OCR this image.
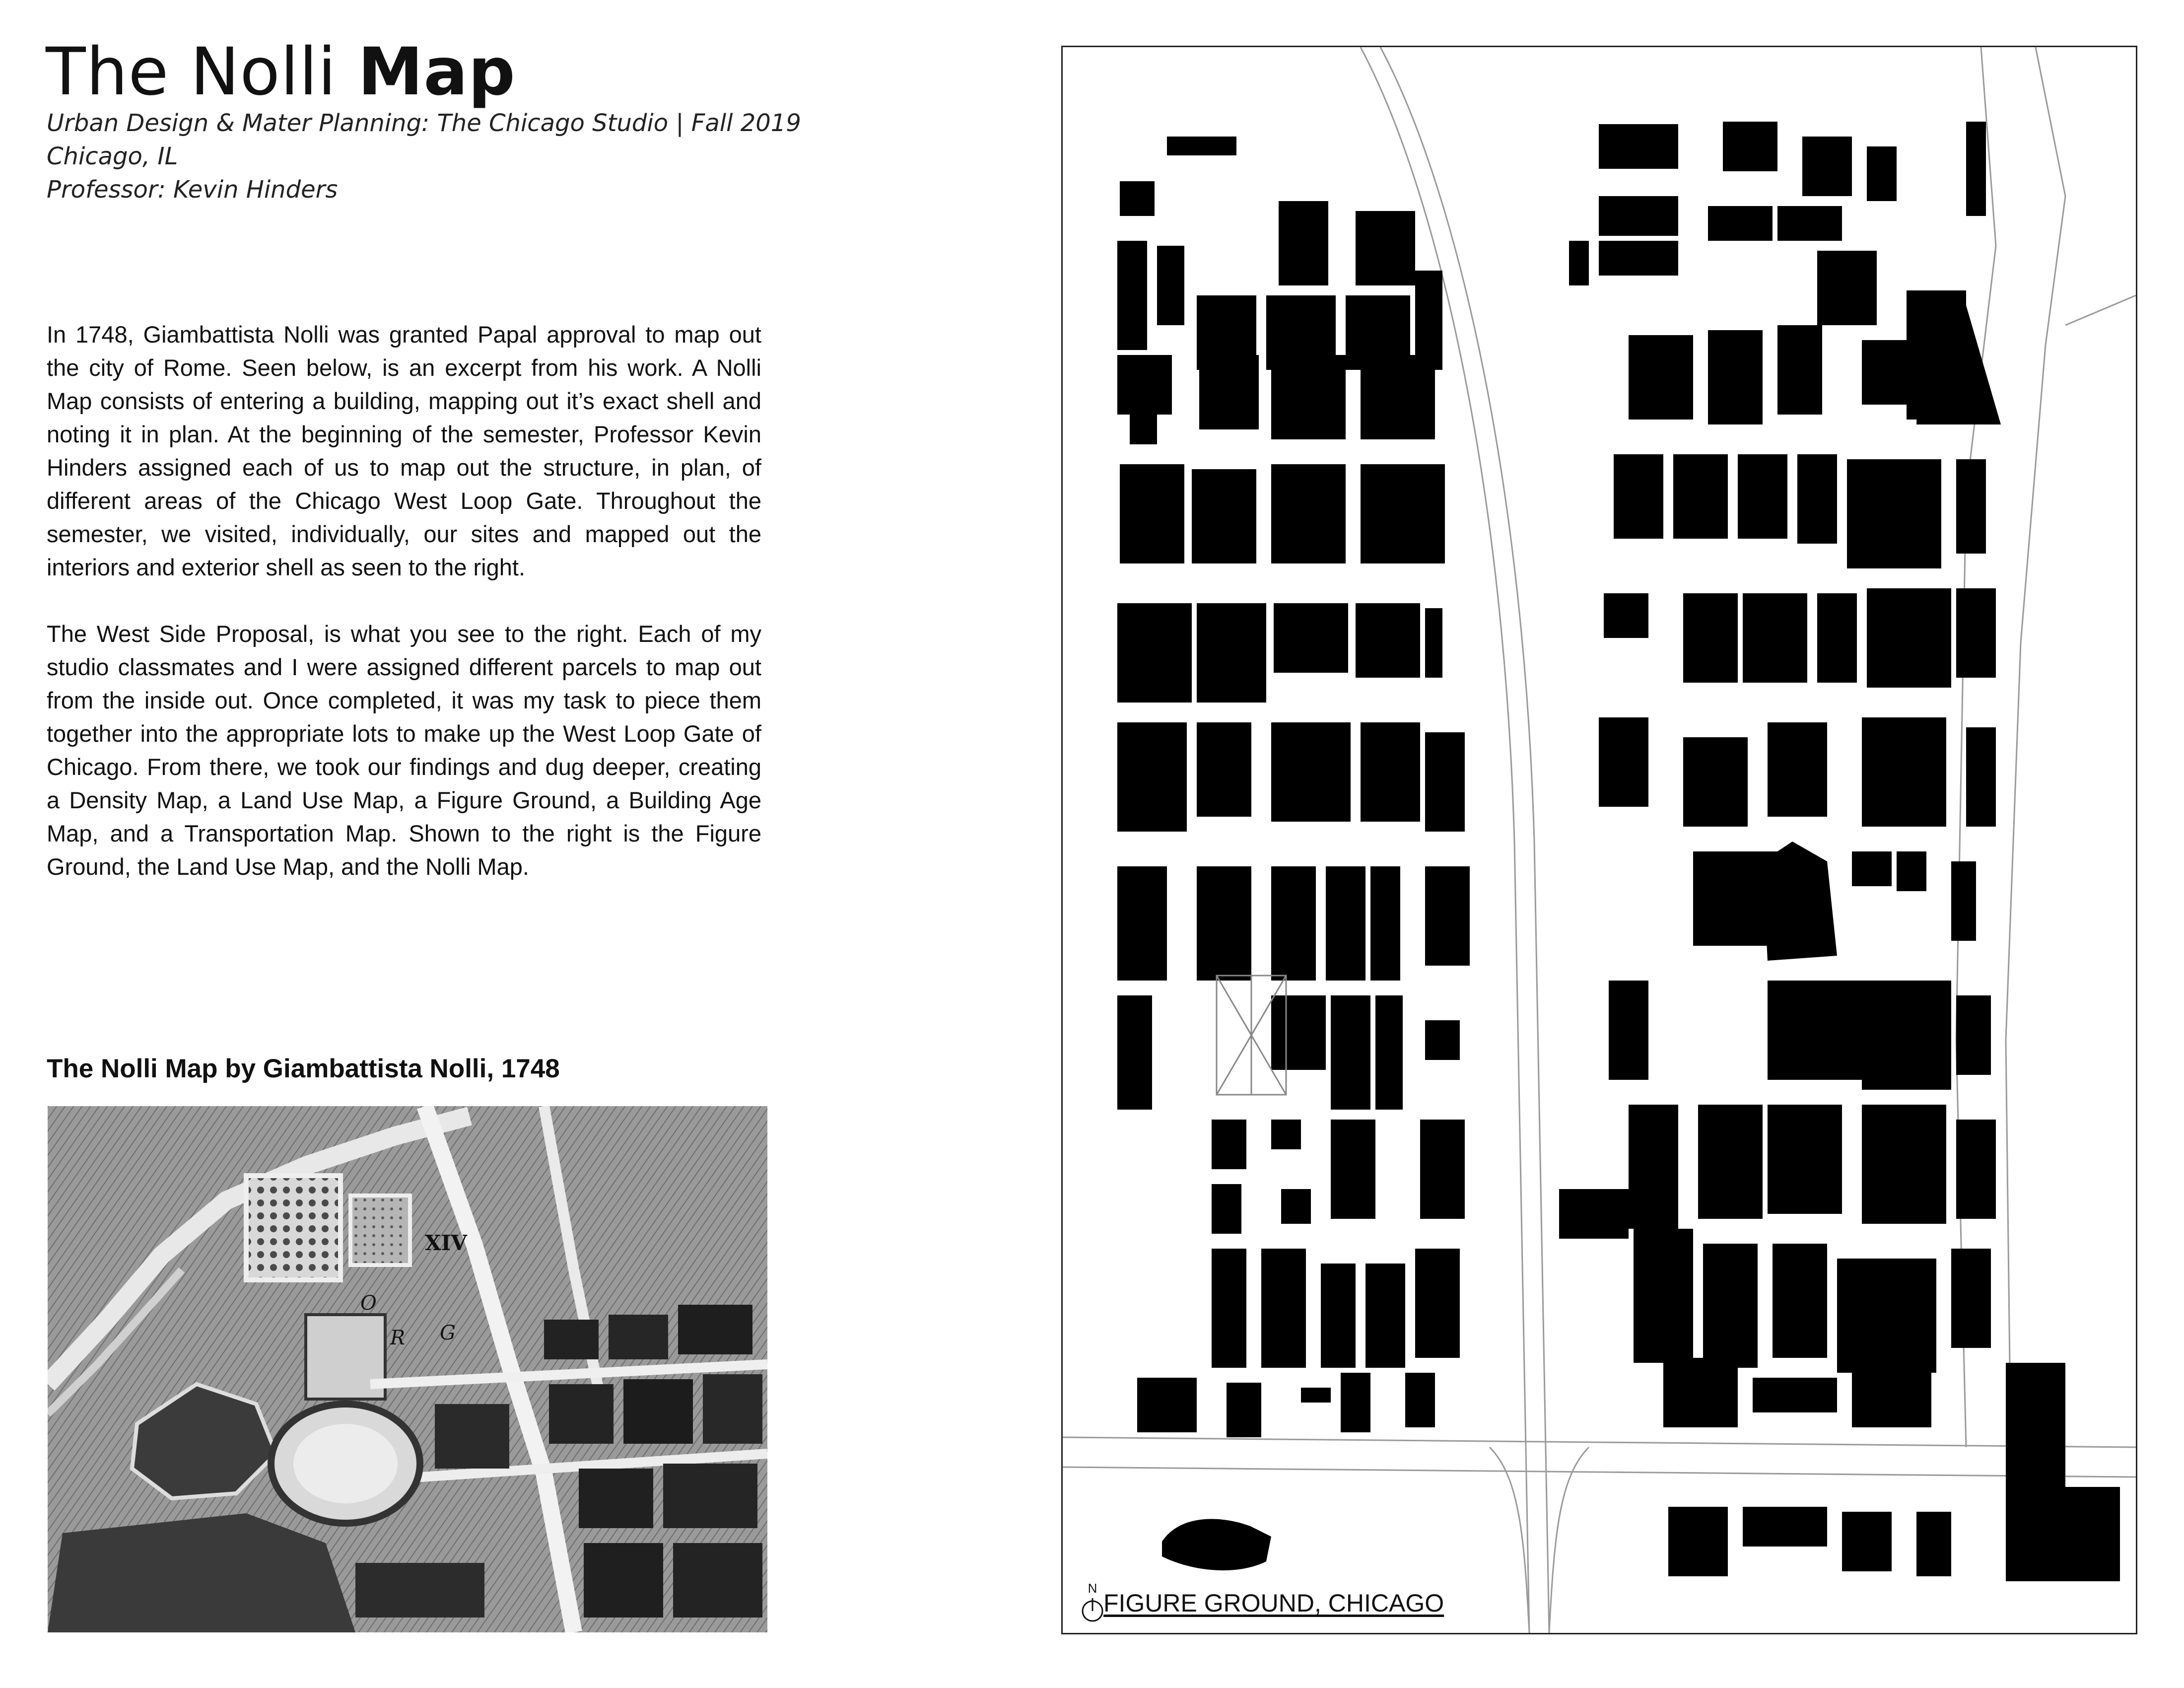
The Nolli Map
Urban Design & Mater Planning: The Chicago Studio | Fall 2019
Chicago, IL
Professor: Kevin Hinders

In 1748, Giambattista Nolli was granted Papal approval to map out the city of Rome. Seen below, is an excerpt from his work. A Nolli Map consists of entering a building, mapping out it’s exact shell and noting it in plan. At the beginning of the semester, Professor Kevin Hinders assigned each of us to map out the structure, in plan, of different areas of the Chicago West Loop Gate. Throughout the semester, we visited, individually, our sites and mapped out the interiors and exterior shell as seen to the right.

The West Side Proposal, is what you see to the right. Each of my studio classmates and I were assigned different parcels to map out from the inside out. Once completed, it was my task to piece them together into the appropriate lots to make up the West Loop Gate of Chicago. From there, we took our findings and dug deeper, creating a Density Map, a Land Use Map, a Figure Ground, a Building Age Map, and a Transportation Map. Shown to the right is the Figure Ground, the Land Use Map, and the Nolli Map.

The Nolli Map by Giambattista Nolli, 1748
XIV
O
R G
N
FIGURE GROUND, CHICAGO
